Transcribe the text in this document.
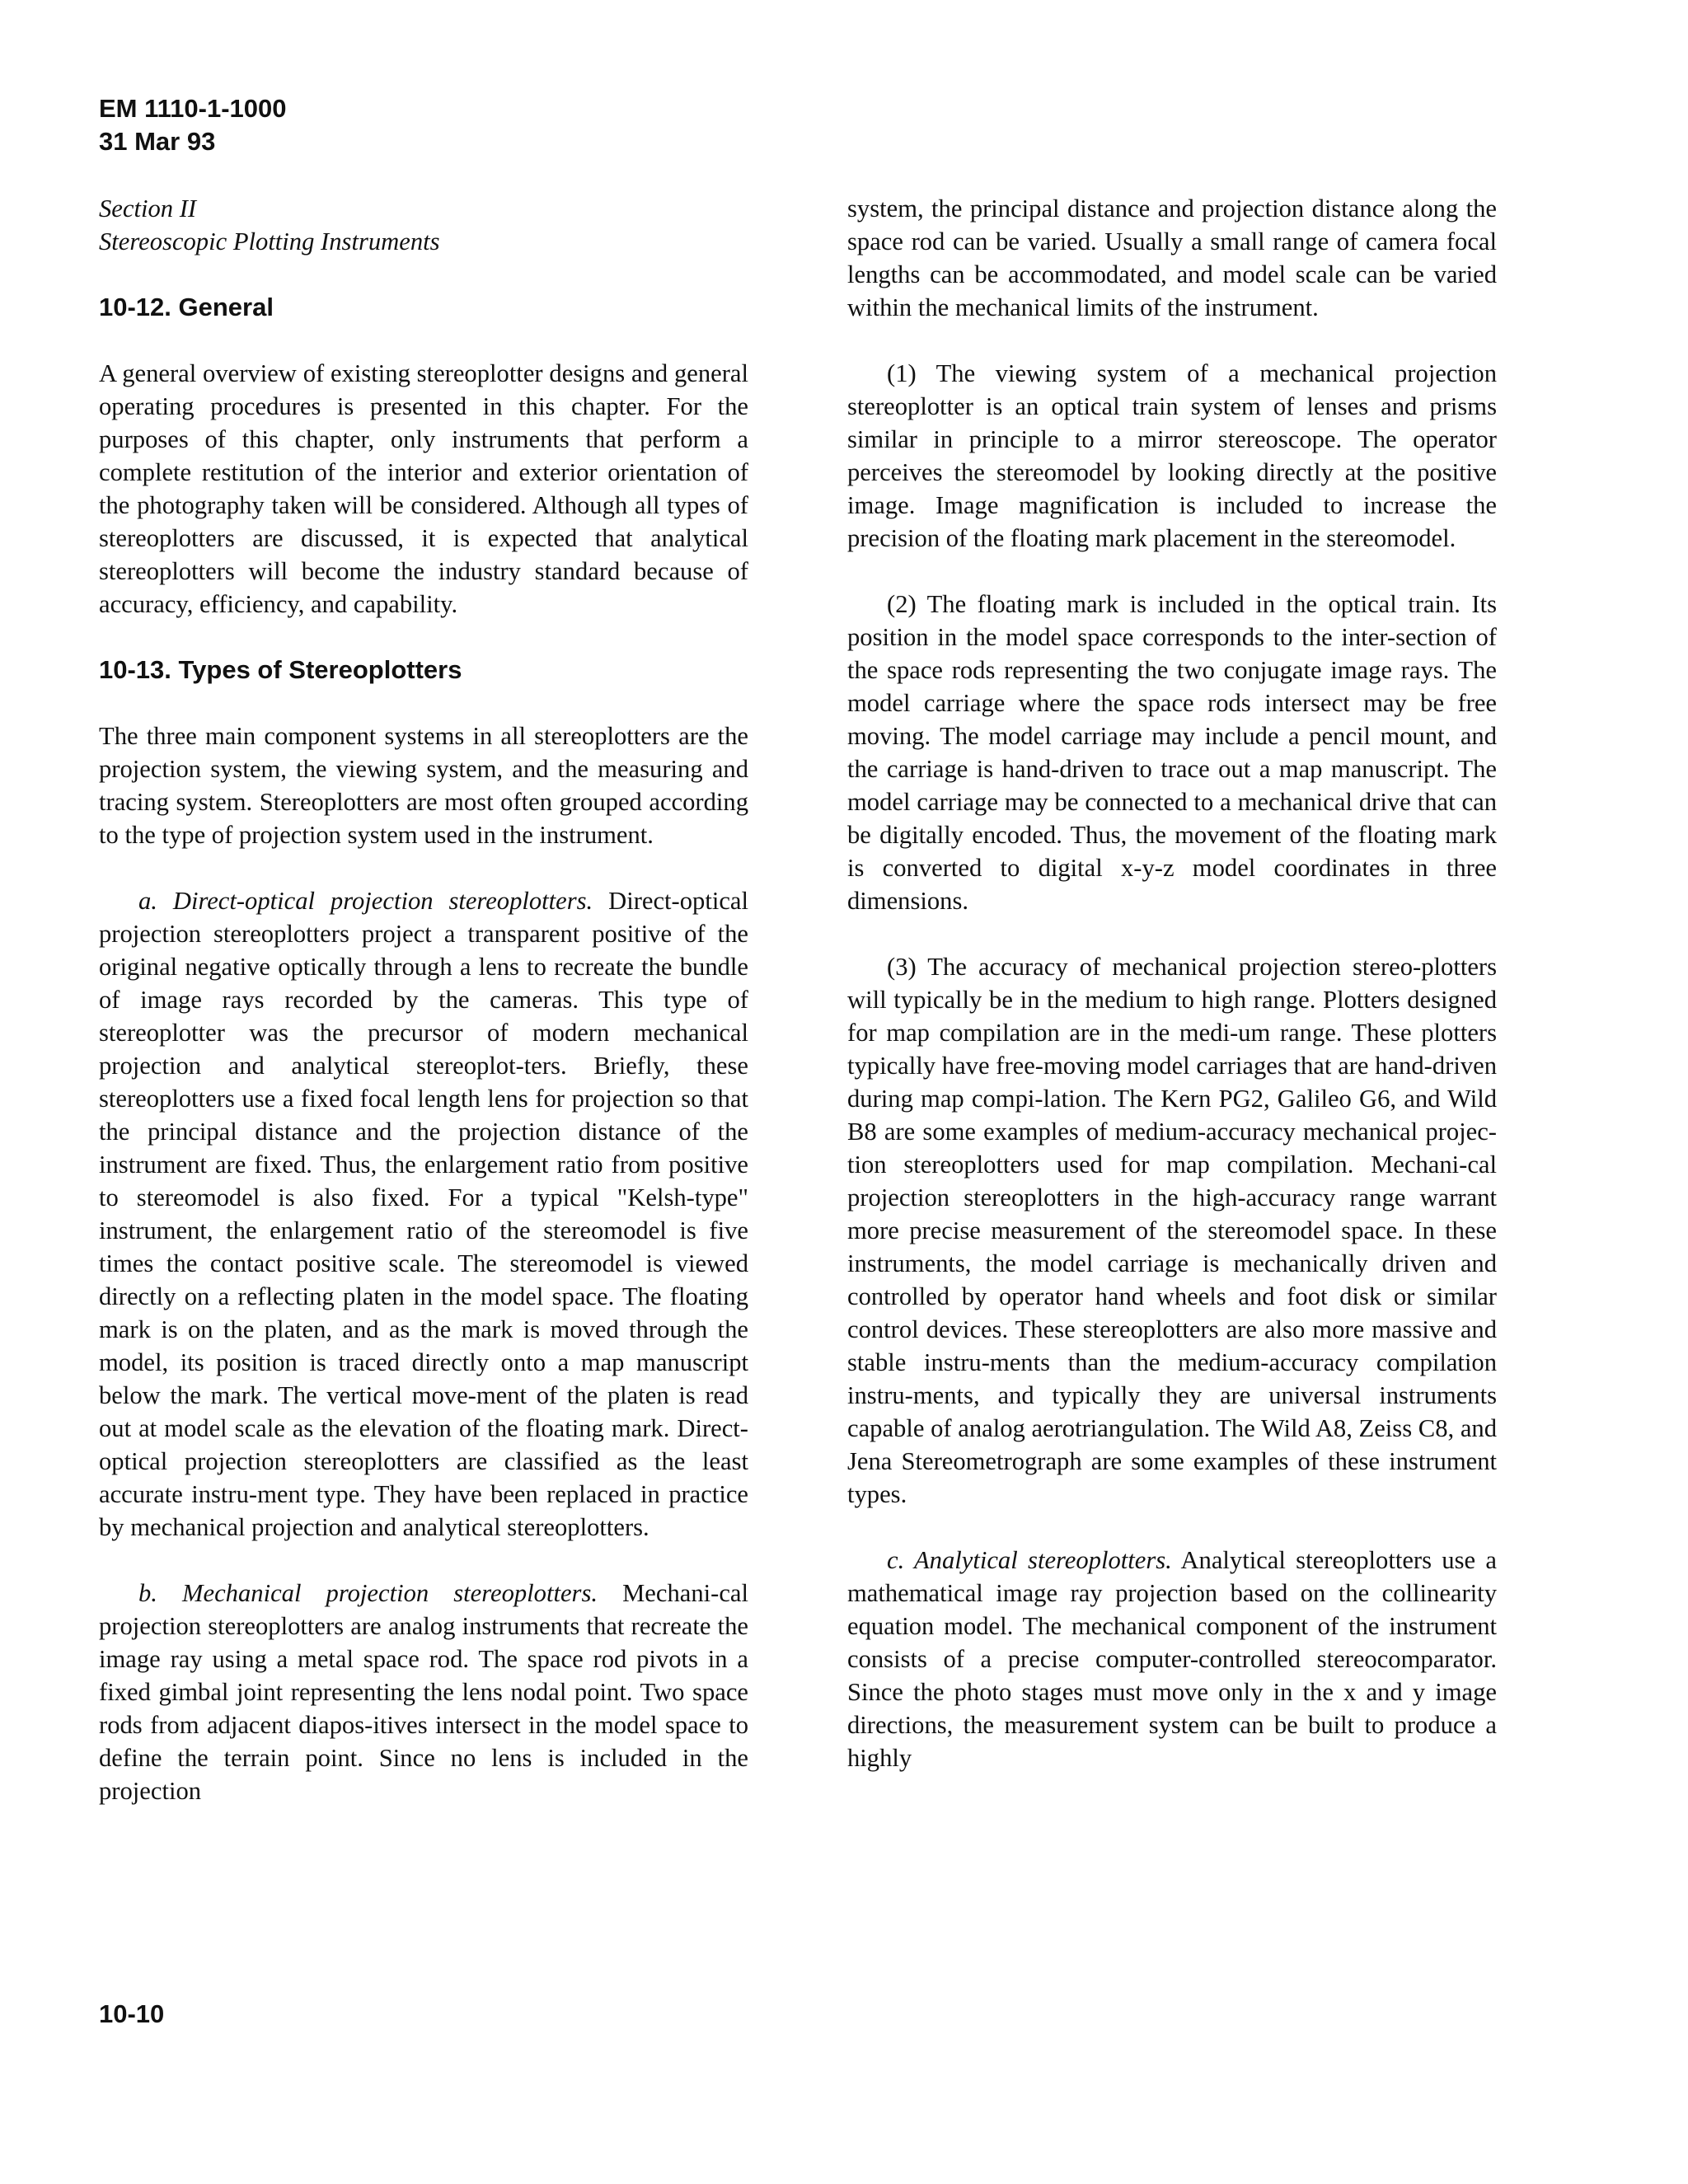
EM 1110-1-1000
31 Mar 93
Section II
Stereoscopic Plotting Instruments
10-12. General

A general overview of existing stereoplotter designs and general operating procedures is presented in this chapter. For the purposes of this chapter, only instruments that perform a complete restitution of the interior and exterior orientation of the photography taken will be considered. Although all types of stereoplotters are discussed, it is expected that analytical stereoplotters will become the industry standard because of accuracy, efficiency, and capability.

10-13. Types of Stereoplotters

The three main component systems in all stereoplotters are the projection system, the viewing system, and the measuring and tracing system. Stereoplotters are most often grouped according to the type of projection system used in the instrument.

a. Direct-optical projection stereoplotters. Direct-optical projection stereoplotters project a transparent positive of the original negative optically through a lens to recreate the bundle of image rays recorded by the cameras. This type of stereoplotter was the precursor of modern mechanical projection and analytical stereoplot-ters. Briefly, these stereoplotters use a fixed focal length lens for projection so that the principal distance and the projection distance of the instrument are fixed. Thus, the enlargement ratio from positive to stereomodel is also fixed. For a typical "Kelsh-type" instrument, the enlargement ratio of the stereomodel is five times the contact positive scale. The stereomodel is viewed directly on a reflecting platen in the model space. The floating mark is on the platen, and as the mark is moved through the model, its position is traced directly onto a map manuscript below the mark. The vertical move-ment of the platen is read out at model scale as the elevation of the floating mark. Direct-optical projection stereoplotters are classified as the least accurate instru-ment type. They have been replaced in practice by mechanical projection and analytical stereoplotters.

b. Mechanical projection stereoplotters. Mechani-cal projection stereoplotters are analog instruments that recreate the image ray using a metal space rod. The space rod pivots in a fixed gimbal joint representing the lens nodal point. Two space rods from adjacent diapos-itives intersect in the model space to define the terrain point. Since no lens is included in the projection

system, the principal distance and projection distance along the space rod can be varied. Usually a small range of camera focal lengths can be accommodated, and model scale can be varied within the mechanical limits of the instrument.

(1) The viewing system of a mechanical projection stereoplotter is an optical train system of lenses and prisms similar in principle to a mirror stereoscope. The operator perceives the stereomodel by looking directly at the positive image. Image magnification is included to increase the precision of the floating mark placement in the stereomodel.

(2) The floating mark is included in the optical train. Its position in the model space corresponds to the inter-section of the space rods representing the two conjugate image rays. The model carriage where the space rods intersect may be free moving. The model carriage may include a pencil mount, and the carriage is hand-driven to trace out a map manuscript. The model carriage may be connected to a mechanical drive that can be digitally encoded. Thus, the movement of the floating mark is converted to digital x-y-z model coordinates in three dimensions.

(3) The accuracy of mechanical projection stereo-plotters will typically be in the medium to high range. Plotters designed for map compilation are in the medi-um range. These plotters typically have free-moving model carriages that are hand-driven during map compi-lation. The Kern PG2, Galileo G6, and Wild B8 are some examples of medium-accuracy mechanical projec-tion stereoplotters used for map compilation. Mechani-cal projection stereoplotters in the high-accuracy range warrant more precise measurement of the stereomodel space. In these instruments, the model carriage is mechanically driven and controlled by operator hand wheels and foot disk or similar control devices. These stereoplotters are also more massive and stable instru-ments than the medium-accuracy compilation instru-ments, and typically they are universal instruments capable of analog aerotriangulation. The Wild A8, Zeiss C8, and Jena Stereometrograph are some examples of these instrument types.

c. Analytical stereoplotters. Analytical stereoplotters use a mathematical image ray projection based on the collinearity equation model. The mechanical component of the instrument consists of a precise computer-controlled stereocomparator. Since the photo stages must move only in the x and y image directions, the measurement system can be built to produce a highly

10-10
